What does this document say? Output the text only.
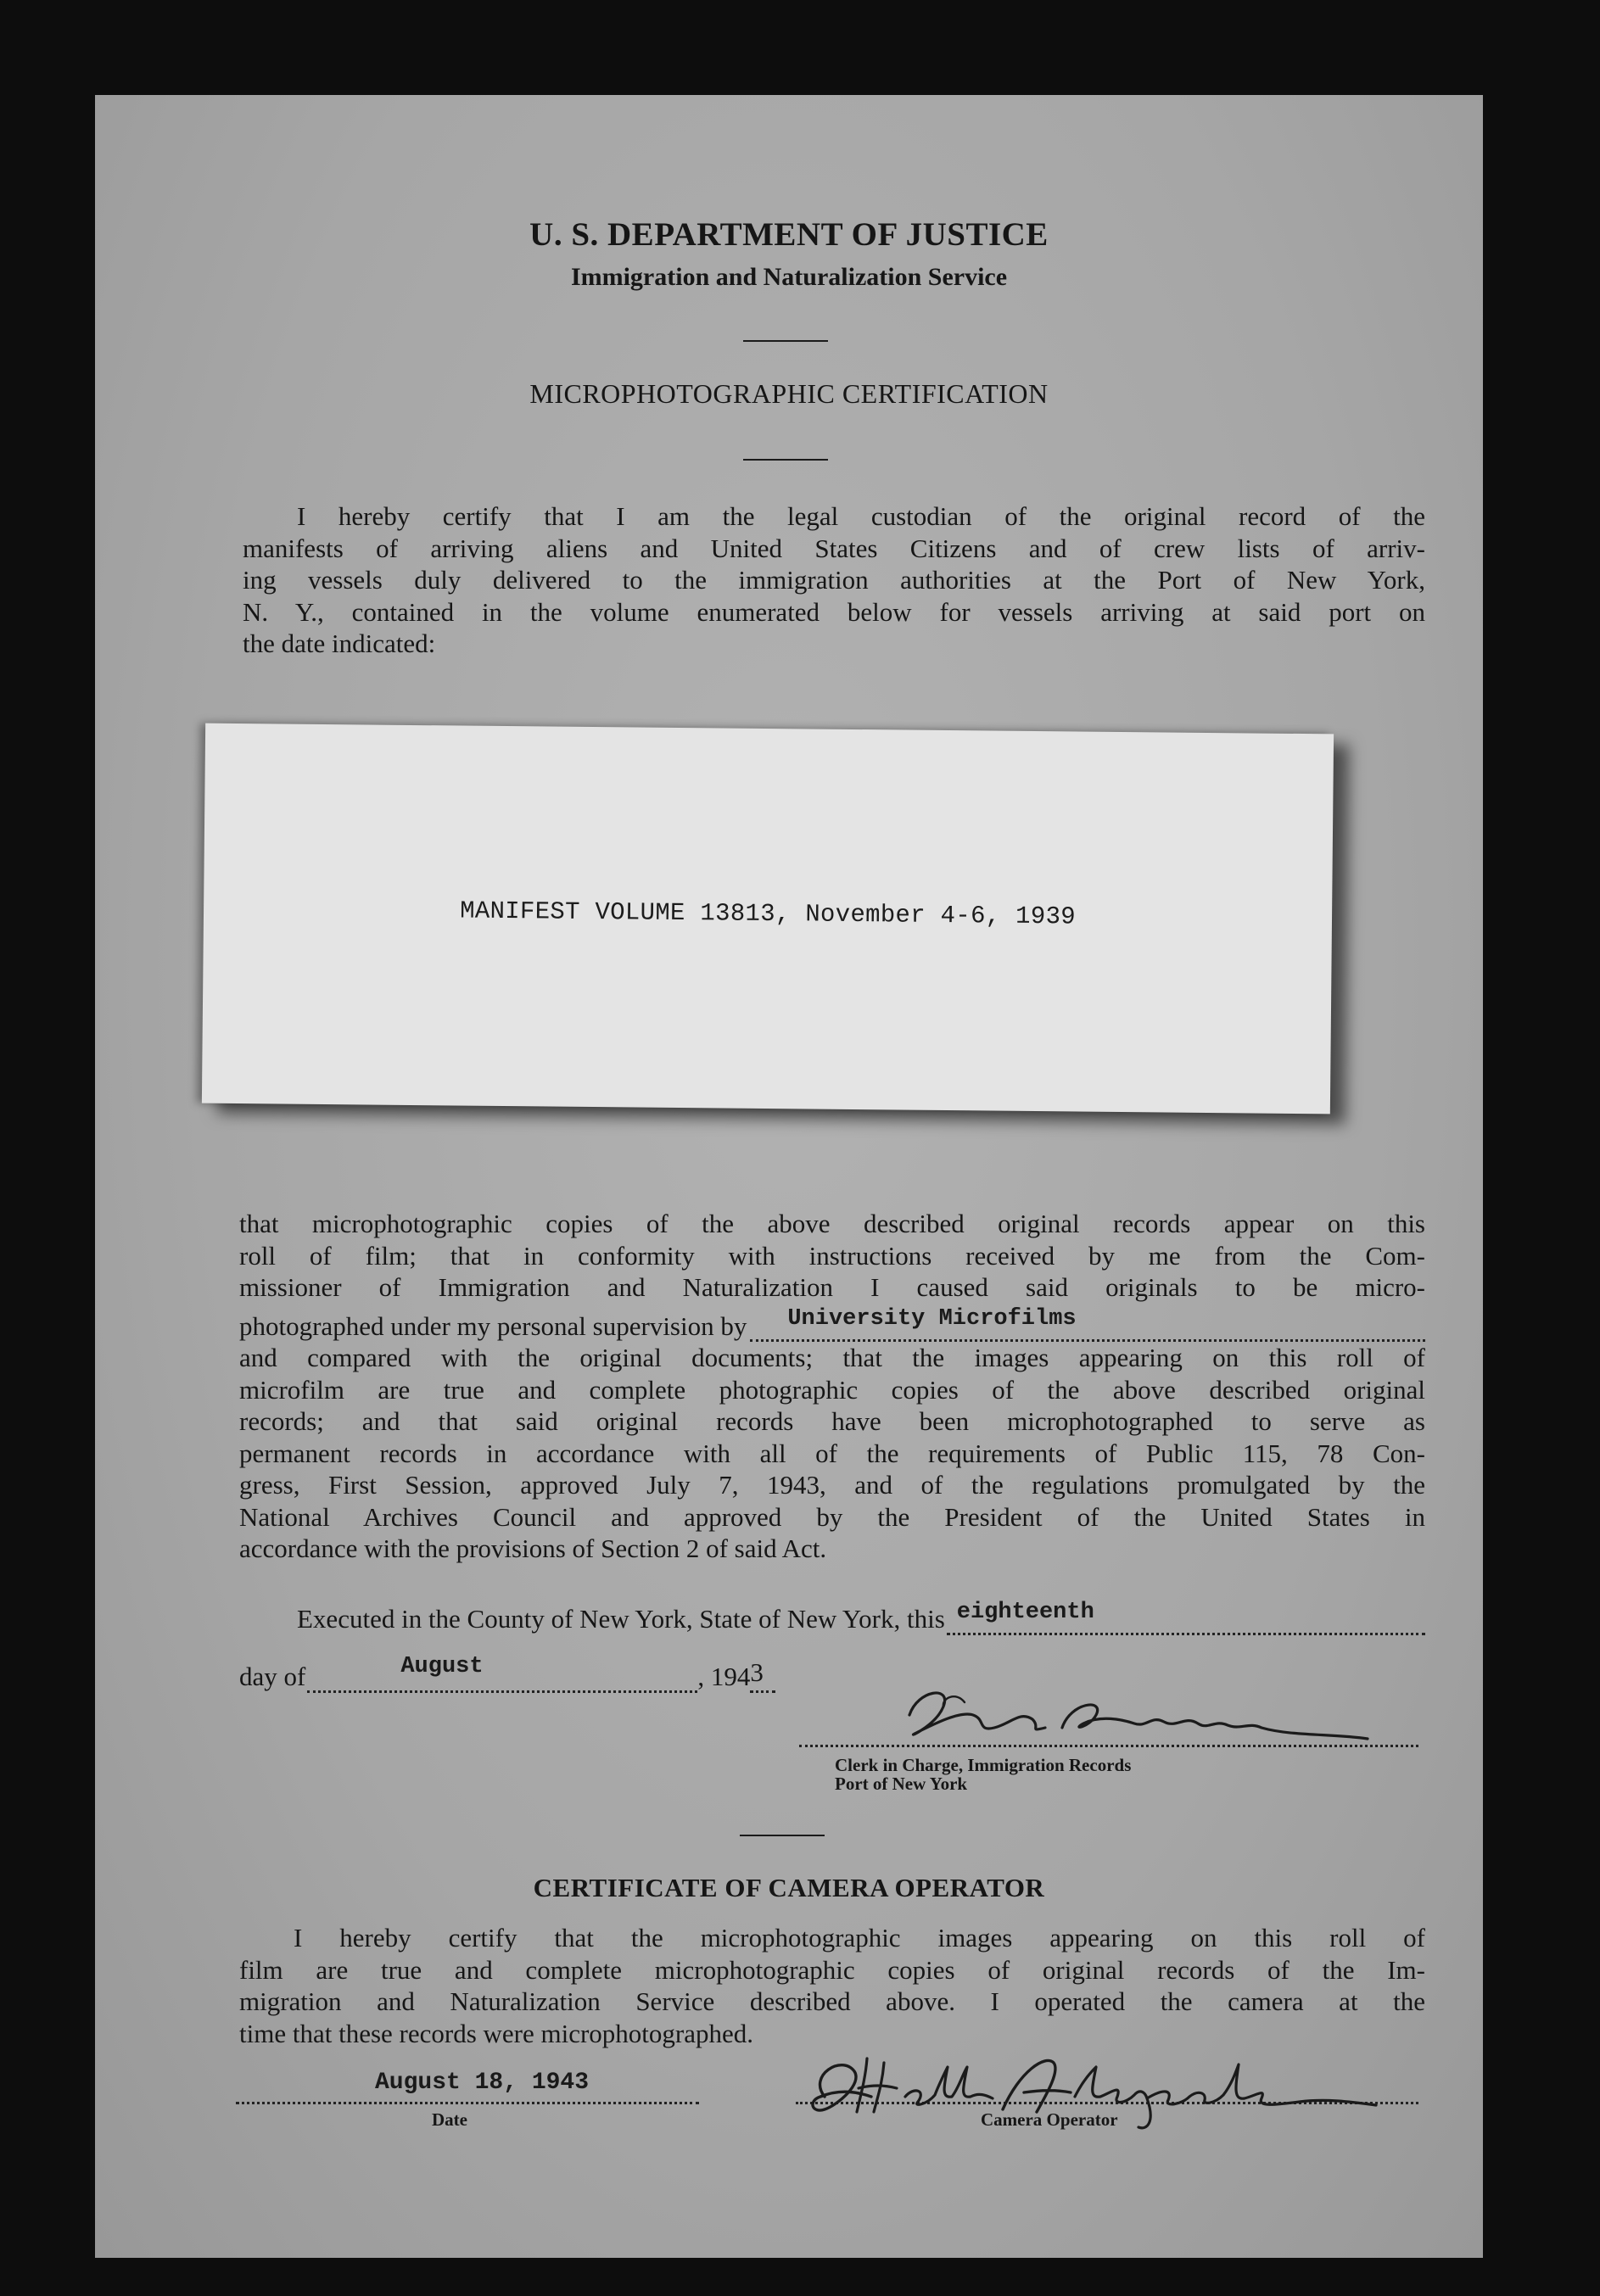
U. S. DEPARTMENT OF JUSTICE
Immigration and Naturalization Service
MICROPHOTOGRAPHIC CERTIFICATION
I hereby certify that I am the legal custodian of the original record of the
manifests of arriving aliens and United States Citizens and of crew lists of arriv-
ing vessels duly delivered to the immigration authorities at the Port of New York,
N. Y., contained in the volume enumerated below for vessels arriving at said port on
the date indicated:
MANIFEST VOLUME 13813, November 4-6, 1939
that microphotographic copies of the above described original records appear on this
roll of film; that in conformity with instructions received by me from the Com-
missioner of Immigration and Naturalization I caused said originals to be micro-
photographed under my personal supervision by University Microfilms
and compared with the original documents; that the images appearing on this roll of
microfilm are true and complete photographic copies of the above described original
records; and that said original records have been microphotographed to serve as
permanent records in accordance with all of the requirements of Public 115, 78 Con-
gress, First Session, approved July 7, 1943, and of the regulations promulgated by the
National Archives Council and approved by the President of the United States in
accordance with the provisions of Section 2 of said Act.
Executed in the County of New York, State of New York, this eighteenth
day of	August	, 194 3
Clerk in Charge, Immigration Records
Port of New York
CERTIFICATE OF CAMERA OPERATOR
I hereby certify that the microphotographic images appearing on this roll of
film are true and complete microphotographic copies of original records of the Im-
migration and Naturalization Service described above. I operated the camera at the
time that these records were microphotographed.
August 18, 1943
Date	Camera Operator
